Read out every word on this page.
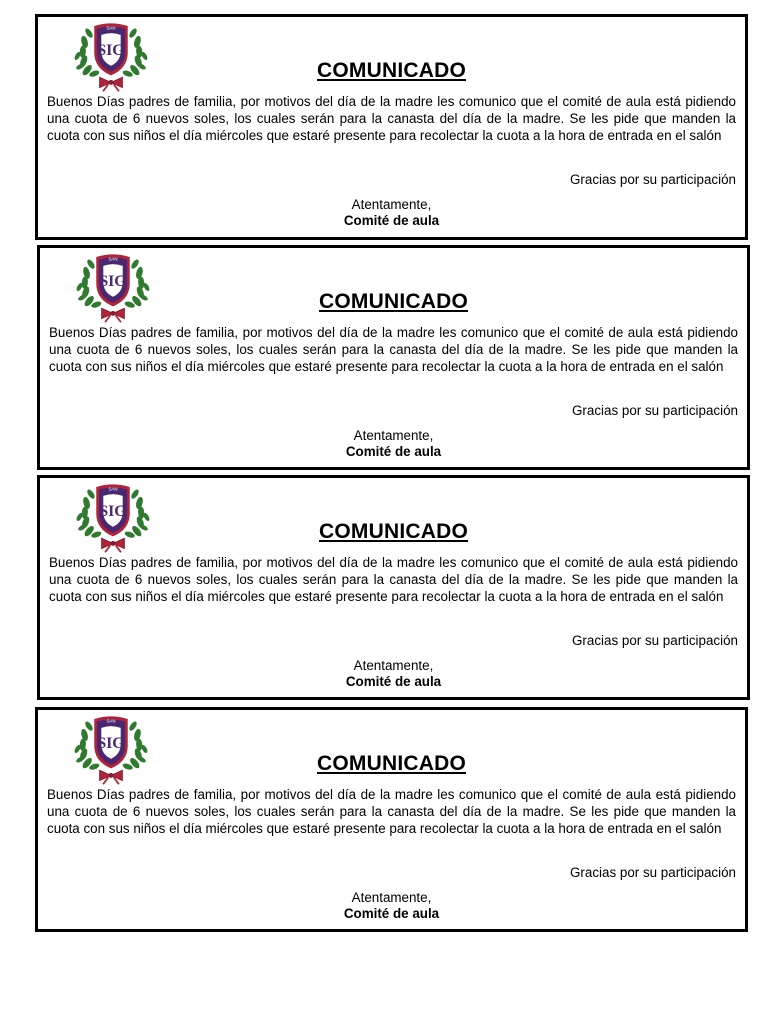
COMUNICADO
Buenos Días padres de familia, por motivos del día de la madre les comunico que el comité de aula está pidiendo una cuota de 6 nuevos soles, los cuales serán para la canasta del día de la madre. Se les pide que manden la cuota con sus niños el día miércoles que estaré presente para recolectar la cuota a la hora de entrada en el salón
Gracias por su participación
Atentamente,
Comité de aula
COMUNICADO
Buenos Días padres de familia, por motivos del día de la madre les comunico que el comité de aula está pidiendo una cuota de 6 nuevos soles, los cuales serán para la canasta del día de la madre. Se les pide que manden la cuota con sus niños el día miércoles que estaré presente para recolectar la cuota a la hora de entrada en el salón
Gracias por su participación
Atentamente,
Comité de aula
COMUNICADO
Buenos Días padres de familia, por motivos del día de la madre les comunico que el comité de aula está pidiendo una cuota de 6 nuevos soles, los cuales serán para la canasta del día de la madre. Se les pide que manden la cuota con sus niños el día miércoles que estaré presente para recolectar la cuota a la hora de entrada en el salón
Gracias por su participación
Atentamente,
Comité de aula
COMUNICADO
Buenos Días padres de familia, por motivos del día de la madre les comunico que el comité de aula está pidiendo una cuota de 6 nuevos soles, los cuales serán para la canasta del día de la madre. Se les pide que manden la cuota con sus niños el día miércoles que estaré presente para recolectar la cuota a la hora de entrada en el salón
Gracias por su participación
Atentamente,
Comité de aula
